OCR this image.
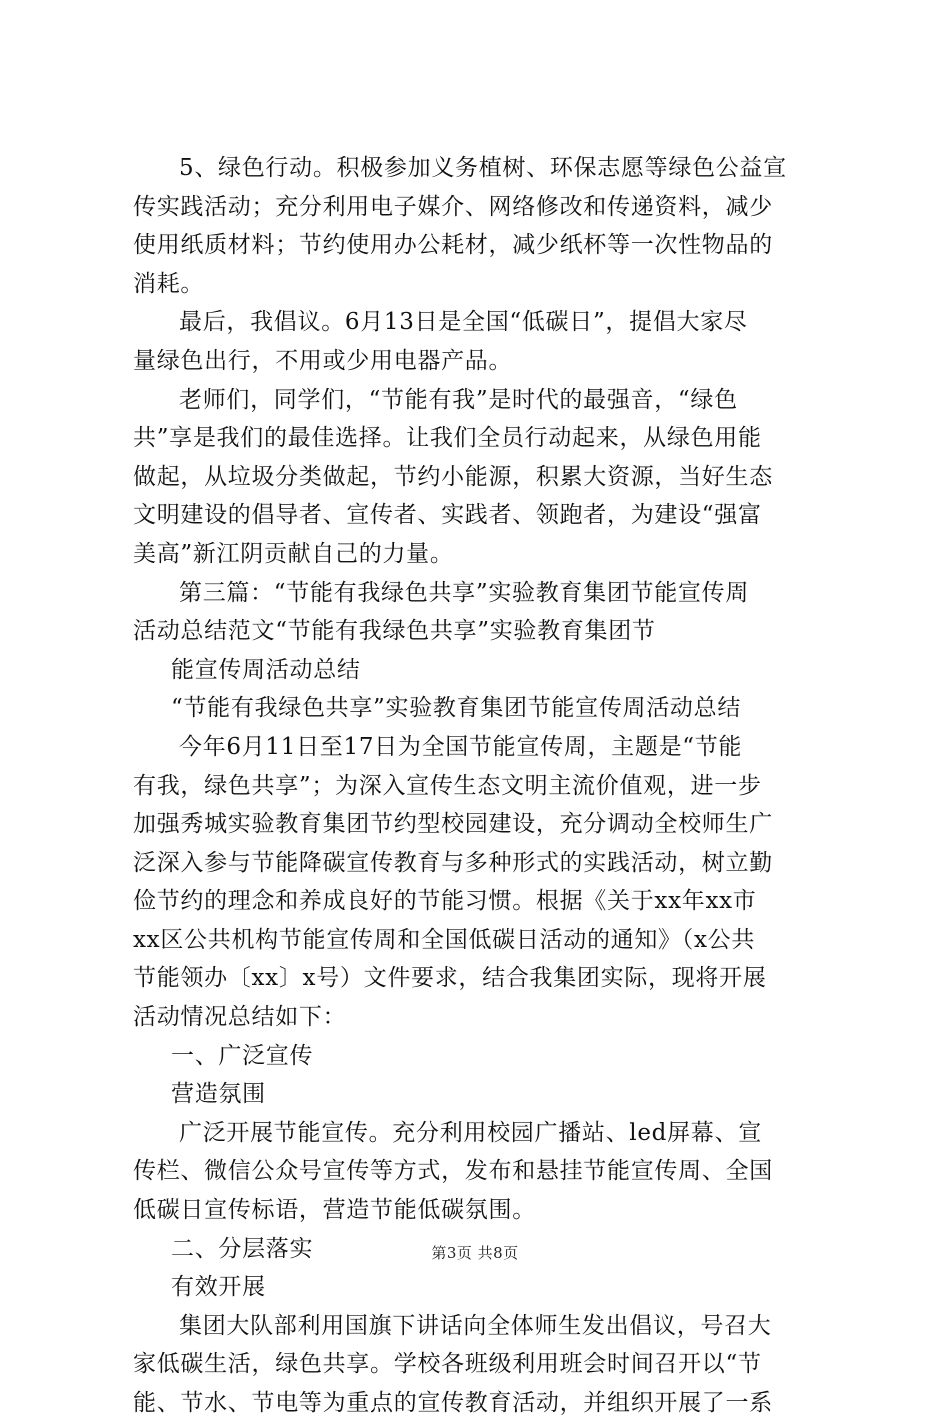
5、绿色行动。积极参加义务植树、环保志愿等绿色公益宣
传实践活动；充分利用电子媒介、网络修改和传递资料，减少
使用纸质材料；节约使用办公耗材，减少纸杯等一次性物品的
消耗。
最后，我倡议。6月13日是全国“低碳日”，提倡大家尽
量绿色出行，不用或少用电器产品。
老师们，同学们，“节能有我”是时代的最强音，“绿色
共”享是我们的最佳选择。让我们全员行动起来，从绿色用能
做起，从垃圾分类做起，节约小能源，积累大资源，当好生态
文明建设的倡导者、宣传者、实践者、领跑者，为建设“强富
美高”新江阴贡献自己的力量。
第三篇：“节能有我绿色共享”实验教育集团节能宣传周
活动总结范文“节能有我绿色共享”实验教育集团节
能宣传周活动总结
“节能有我绿色共享”实验教育集团节能宣传周活动总结
今年6月11日至17日为全国节能宣传周，主题是“节能
有我，绿色共享”；为深入宣传生态文明主流价值观，进一步
加强秀城实验教育集团节约型校园建设，充分调动全校师生广
泛深入参与节能降碳宣传教育与多种形式的实践活动，树立勤
俭节约的理念和养成良好的节能习惯。根据《关于xx年xx市
xx区公共机构节能宣传周和全国低碳日活动的通知》（x公共
节能领办〔xx〕x号）文件要求，结合我集团实际，现将开展
活动情况总结如下：
一、广泛宣传
营造氛围
广泛开展节能宣传。充分利用校园广播站、led屏幕、宣
传栏、微信公众号宣传等方式，发布和悬挂节能宣传周、全国
低碳日宣传标语，营造节能低碳氛围。
二、分层落实
有效开展
集团大队部利用国旗下讲话向全体师生发出倡议，号召大
家低碳生活，绿色共享。学校各班级利用班会时间召开以“节
能、节水、节电等为重点的宣传教育活动，并组织开展了一系
第3页 共8页
